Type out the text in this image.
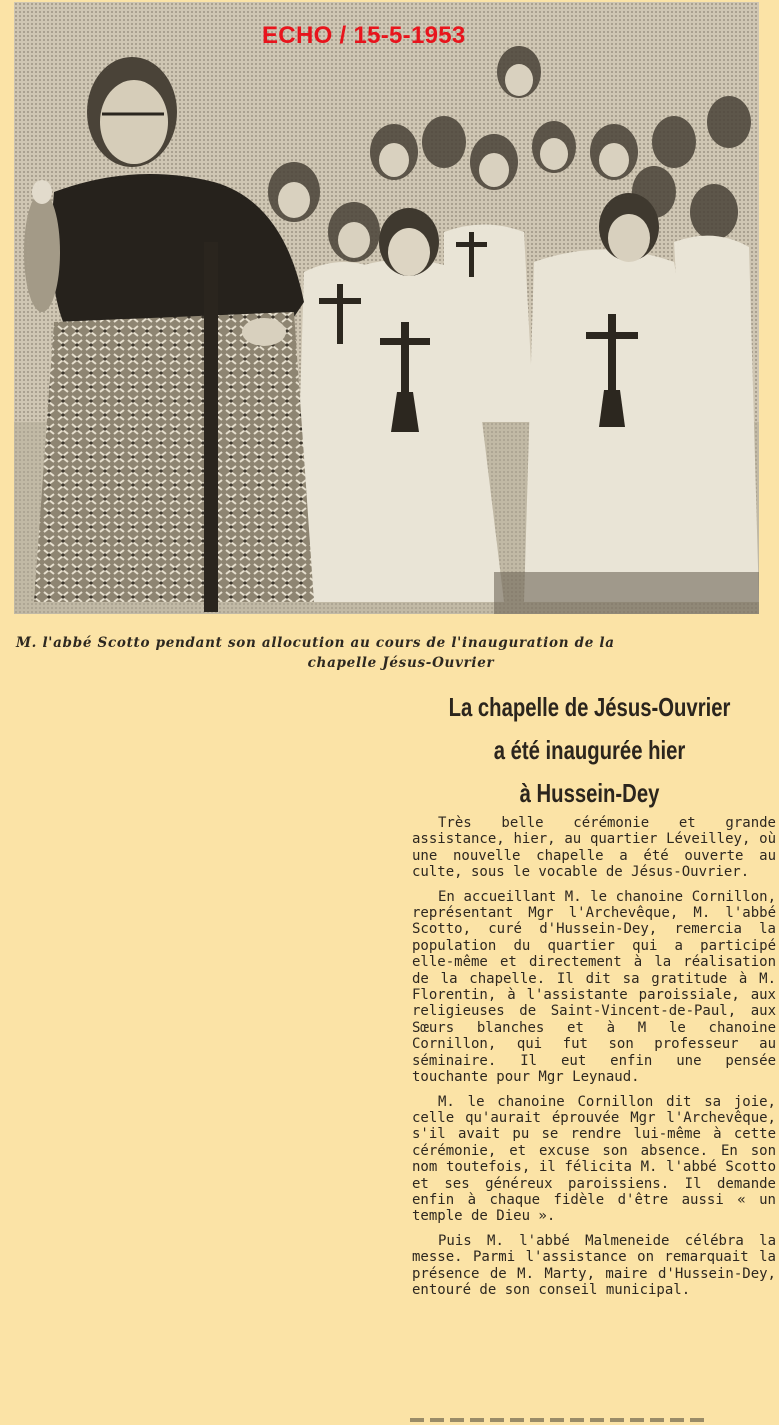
ECHO / 15-5-1953
M. l'abbé Scotto pendant son allocution au cours de l'inauguration de la
chapelle Jésus-Ouvrier
La chapelle de Jésus-Ouvrier
a été inaugurée hier
à Hussein-Dey

Très belle cérémonie et grande assistance, hier, au quartier Léveilley, où une nouvelle chapelle a été ouverte au culte, sous le vocable de Jésus-Ouvrier.

En accueillant M. le chanoine Cornillon, représentant Mgr l'Archevêque, M. l'abbé Scotto, curé d'Hussein-Dey, remercia la population du quartier qui a participé elle-même et directement à la réalisation de la chapelle. Il dit sa gratitude à M. Florentin, à l'assistante paroissiale, aux religieuses de Saint-Vincent-de-Paul, aux Sœurs blanches et à M le chanoine Cornillon, qui fut son professeur au séminaire. Il eut enfin une pensée touchante pour Mgr Leynaud.

M. le chanoine Cornillon dit sa joie, celle qu'aurait éprouvée Mgr l'Archevêque, s'il avait pu se rendre lui-même à cette cérémonie, et excuse son absence. En son nom toutefois, il félicita M. l'abbé Scotto et ses généreux paroissiens. Il demande enfin à chaque fidèle d'être aussi « un temple de Dieu ».

Puis M. l'abbé Malmeneide célébra la messe. Parmi l'assistance on remarquait la présence de M. Marty, maire d'Hussein-Dey, entouré de son conseil municipal.
